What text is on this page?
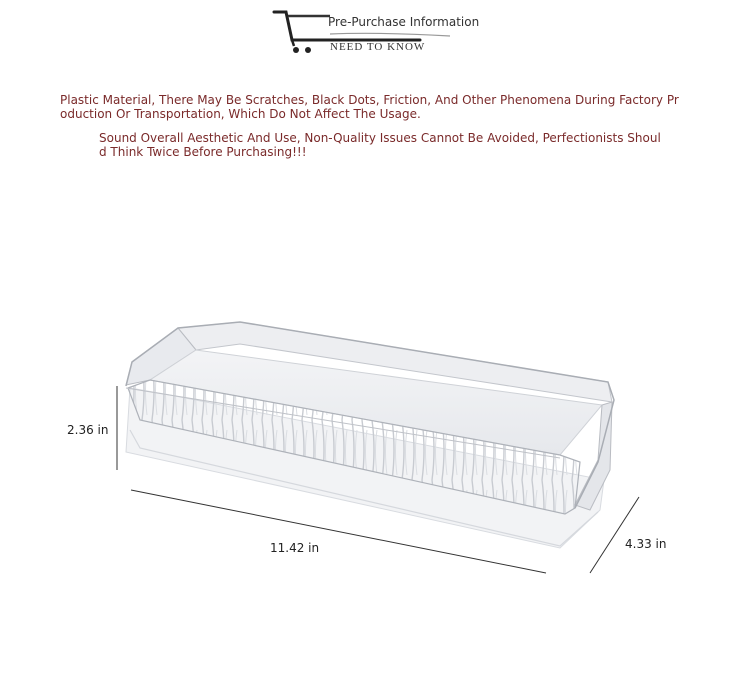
NEED TO KNOW
Pre-Purchase Information
Plastic Material, There May Be Scratches, Black Dots, Friction, And Other Phenomena During Factory Production Or Transportation, Which Do Not Affect The Usage.
Sound Overall Aesthetic And Use, Non-Quality Issues Cannot Be Avoided, Perfectionists Should Think Twice Before Purchasing!!!
2.36 in
11.42 in	4.33 in
